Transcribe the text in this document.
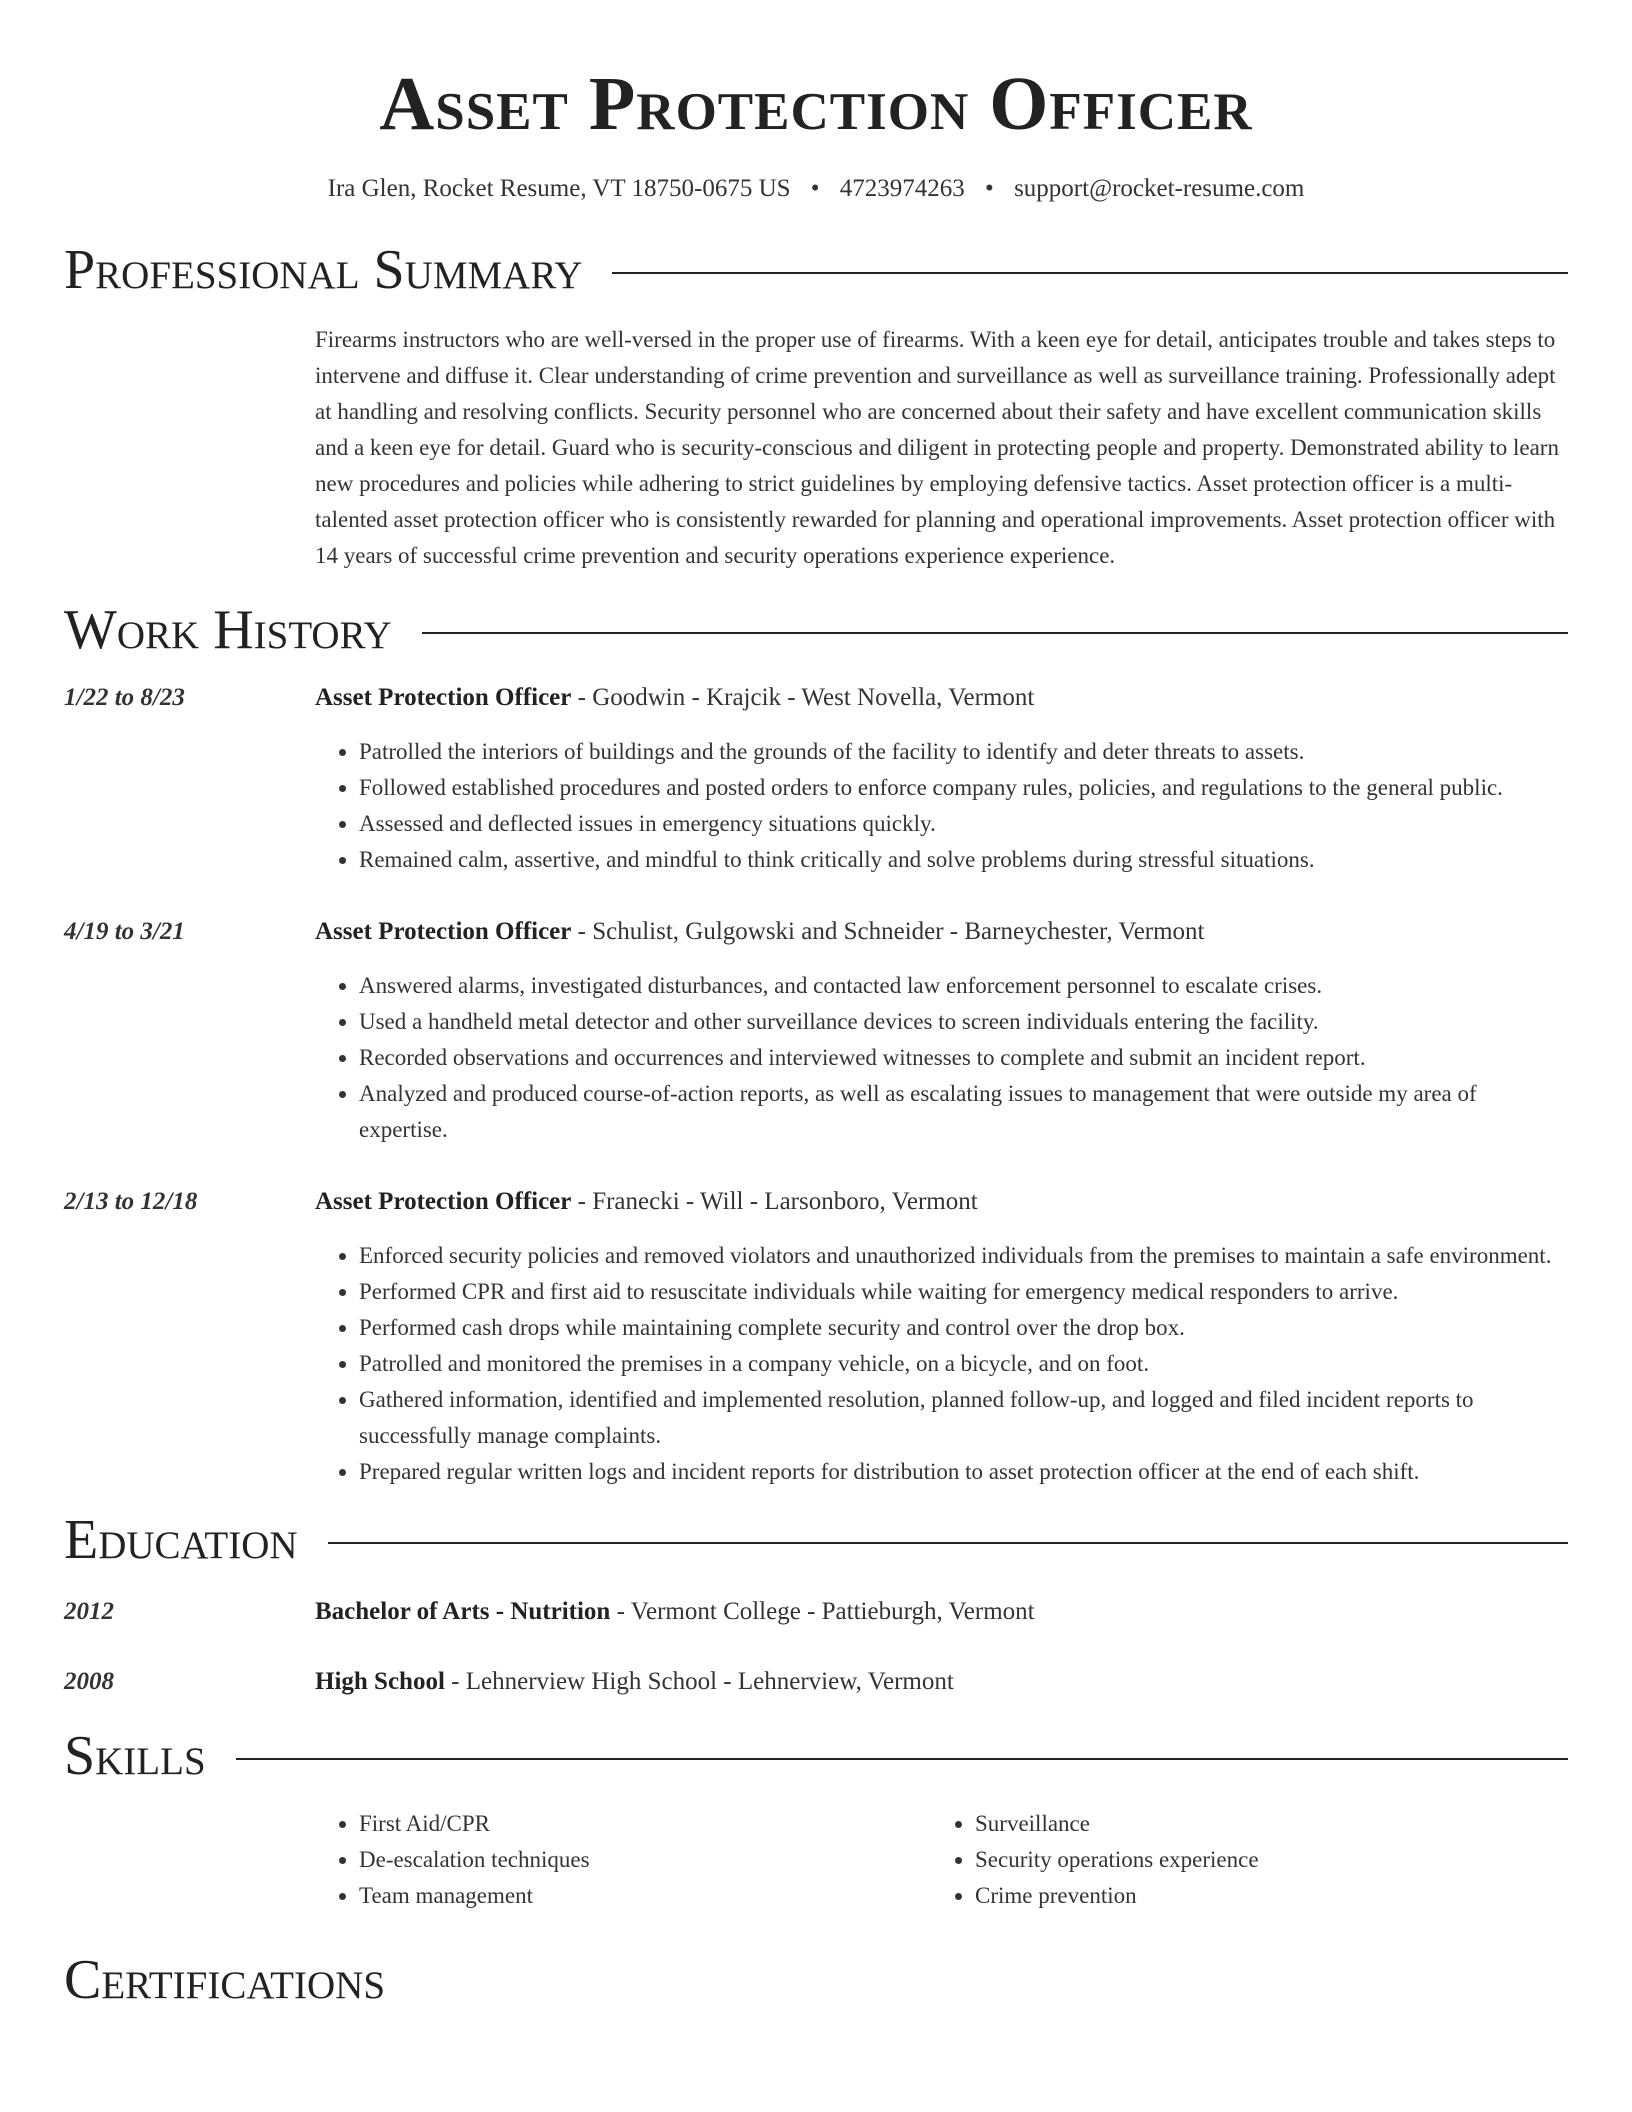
Asset Protection Officer
Ira Glen, Rocket Resume, VT 18750-0675 US • 4723974263 • support@rocket-resume.com
Professional Summary

Firearms instructors who are well-versed in the proper use of firearms. With a keen eye for detail, anticipates trouble and takes steps to intervene and diffuse it. Clear understanding of crime prevention and surveillance as well as surveillance training. Professionally adept at handling and resolving conflicts. Security personnel who are concerned about their safety and have excellent communication skills and a keen eye for detail. Guard who is security-conscious and diligent in protecting people and property. Demonstrated ability to learn new procedures and policies while adhering to strict guidelines by employing defensive tactics. Asset protection officer is a multi-talented asset protection officer who is consistently rewarded for planning and operational improvements. Asset protection officer with 14 years of successful crime prevention and security operations experience experience.

Work History
1/22 to 8/23	Asset Protection Officer - Goodwin - Krajcik - West Novella, Vermont
• Patrolled the interiors of buildings and the grounds of the facility to identify and deter threats to assets.
• Followed established procedures and posted orders to enforce company rules, policies, and regulations to the general public.
• Assessed and deflected issues in emergency situations quickly.
• Remained calm, assertive, and mindful to think critically and solve problems during stressful situations.
4/19 to 3/21	Asset Protection Officer - Schulist, Gulgowski and Schneider - Barneychester, Vermont
• Answered alarms, investigated disturbances, and contacted law enforcement personnel to escalate crises.
• Used a handheld metal detector and other surveillance devices to screen individuals entering the facility.
• Recorded observations and occurrences and interviewed witnesses to complete and submit an incident report.
• Analyzed and produced course-of-action reports, as well as escalating issues to management that were outside my area of expertise.
2/13 to 12/18	Asset Protection Officer - Franecki - Will - Larsonboro, Vermont
• Enforced security policies and removed violators and unauthorized individuals from the premises to maintain a safe environment.
• Performed CPR and first aid to resuscitate individuals while waiting for emergency medical responders to arrive.
• Performed cash drops while maintaining complete security and control over the drop box.
• Patrolled and monitored the premises in a company vehicle, on a bicycle, and on foot.
• Gathered information, identified and implemented resolution, planned follow-up, and logged and filed incident reports to successfully manage complaints.
• Prepared regular written logs and incident reports for distribution to asset protection officer at the end of each shift.
Education
2012	Bachelor of Arts - Nutrition - Vermont College - Pattieburgh, Vermont
2008	High School - Lehnerview High School - Lehnerview, Vermont
Skills
• First Aid/CPR
• De-escalation techniques
• Team management
• Surveillance
• Security operations experience
• Crime prevention
Certifications
